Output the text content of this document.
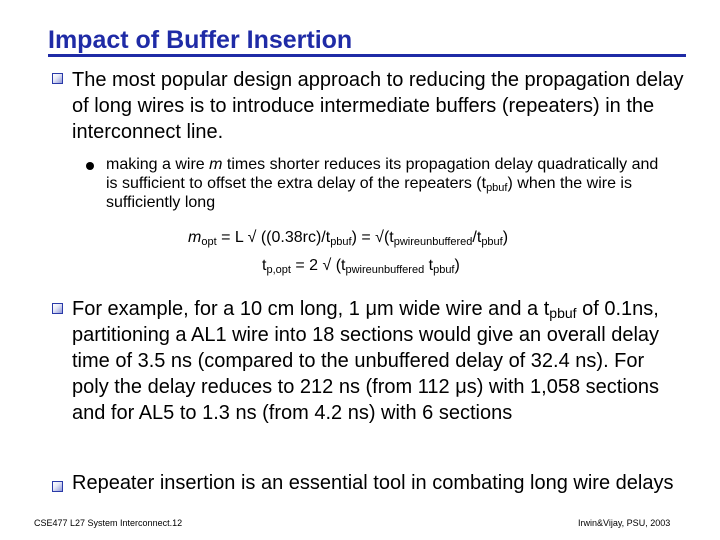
Impact of Buffer Insertion
The most popular design approach to reducing the propagation delay of long wires is to introduce intermediate buffers (repeaters) in the interconnect line.
making a wire m times shorter reduces its propagation delay quadratically and is sufficient to offset the extra delay of the repeaters $(t_{pbuf})$ when the wire is sufficiently long
$m_{opt} = L$ √ $((0.38rc)/t_{pbuf}) = √(t_{pwireunbuffered}/t_{pbuf})$
$t_{p,opt} = 2$ √ ($t_{pwireunbuffered}$ $t_{pbuf}$)
For example, for a 10 cm long, 1 μm wide wire and a $t_{pbuf}$ of 0.1ns, partitioning a AL1 wire into 18 sections would give an overall delay time of 3.5 ns (compared to the unbuffered delay of 32.4 ns). For poly the delay reduces to 212 ns (from 112 μs) with 1,058 sections and for AL5 to 1.3 ns (from 4.2 ns) with 6 sections
Repeater insertion is an essential tool in combating long wire delays
CSE477 L27 System Interconnect.12	Irwin&Vijay, PSU, 2003
